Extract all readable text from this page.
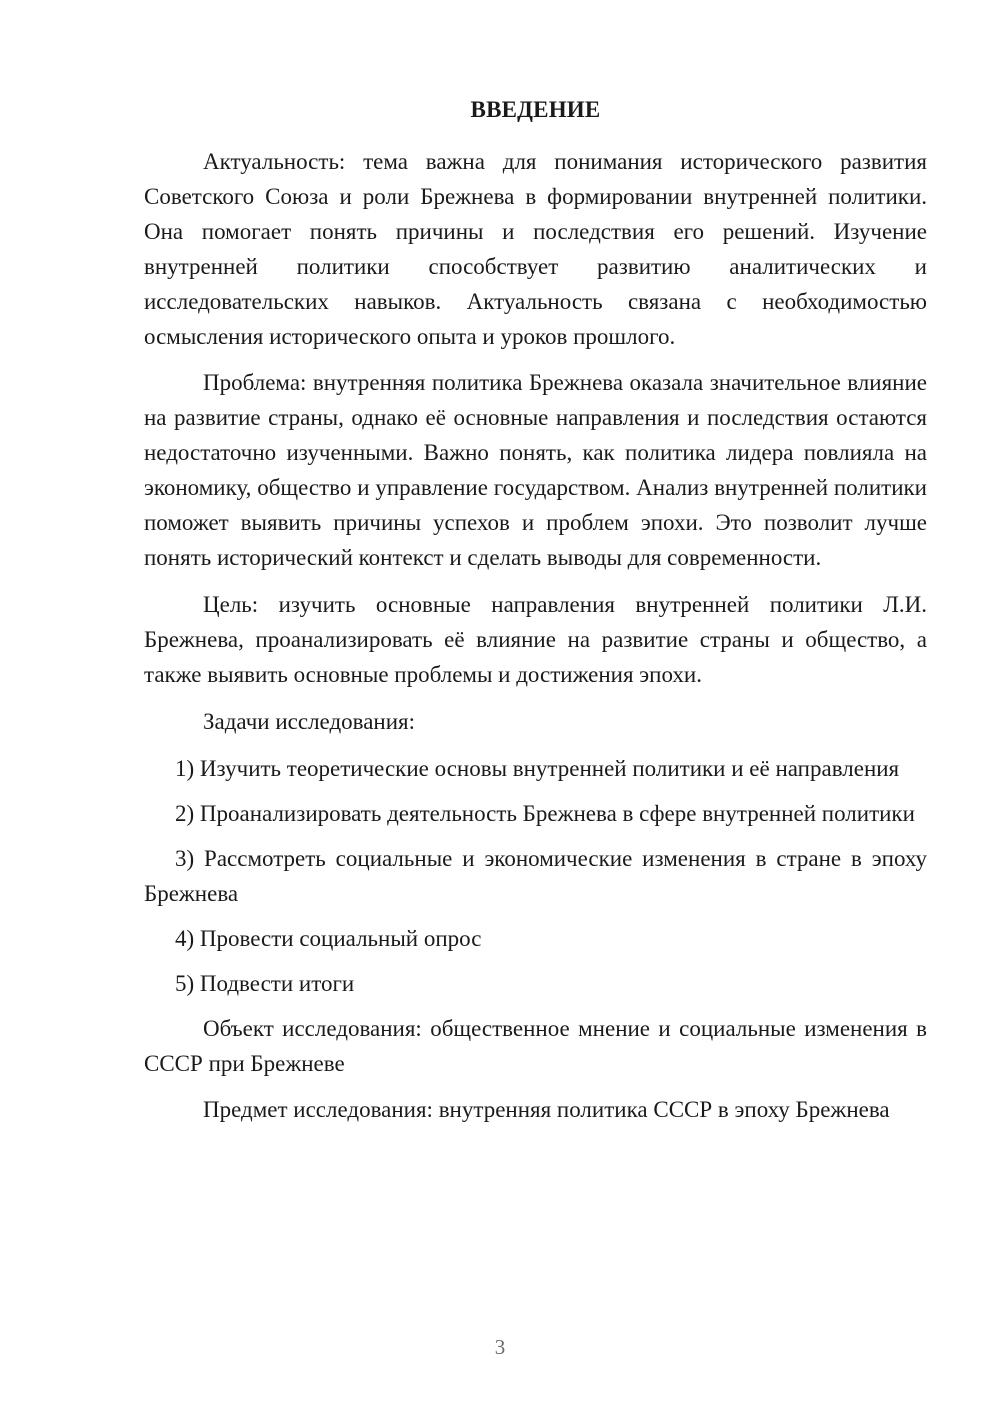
ВВЕДЕНИЕ

Актуальность: тема важна для понимания исторического развития Советского Союза и роли Брежнева в формировании внутренней политики. Она помогает понять причины и последствия его решений. Изучение внутренней политики способствует развитию аналитических и исследовательских навыков. Актуальность связана с необходимостью осмысления исторического опыта и уроков прошлого.

Проблема: внутренняя политика Брежнева оказала значительное влияние на развитие страны, однако её основные направления и последствия остаются недостаточно изученными. Важно понять, как политика лидера повлияла на экономику, общество и управление государством. Анализ внутренней политики поможет выявить причины успехов и проблем эпохи. Это позволит лучше понять исторический контекст и сделать выводы для современности.

Цель: изучить основные направления внутренней политики Л.И. Брежнева, проанализировать её влияние на развитие страны и общество, а также выявить основные проблемы и достижения эпохи.

Задачи исследования:

1) Изучить теоретические основы внутренней политики и её направления

2) Проанализировать деятельность Брежнева в сфере внутренней политики

3) Рассмотреть социальные и экономические изменения в стране в эпоху Брежнева

4) Провести социальный опрос

5) Подвести итоги

Объект исследования: общественное мнение и социальные изменения в СССР при Брежневе

Предмет исследования: внутренняя политика СССР в эпоху Брежнева

3
